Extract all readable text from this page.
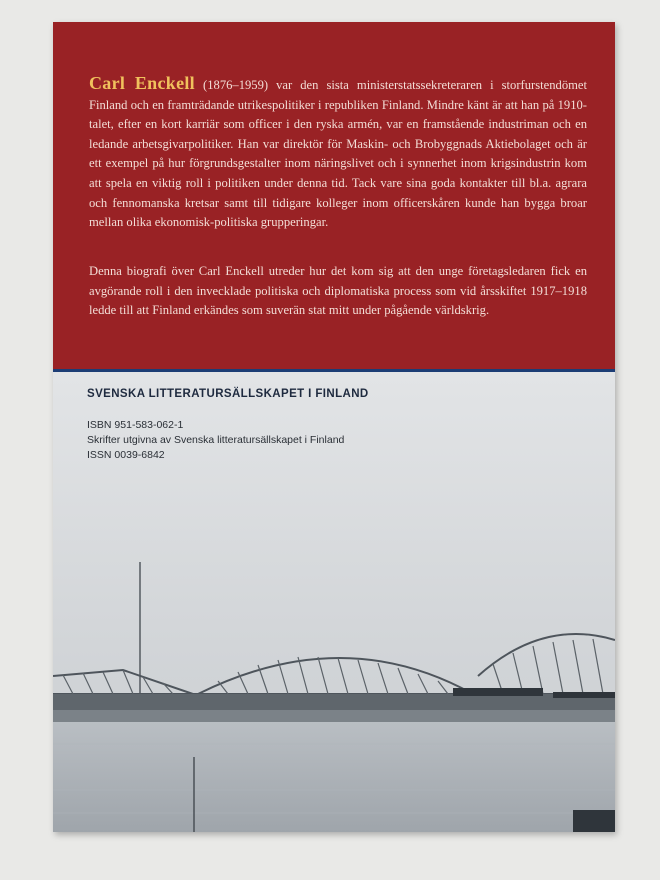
Carl Enckell (1876–1959) var den sista ministerstatssekreteraren i storfurstendömet Finland och en framträdande utrikespolitiker i republiken Finland. Mindre känt är att han på 1910-talet, efter en kort karriär som officer i den ryska armén, var en framstående industriman och en ledande arbetsgivarpolitiker. Han var direktör för Maskin- och Brobyggnads Aktiebolaget och är ett exempel på hur förgrundsgestalter inom näringslivet och i synnerhet inom krigsindustrin kom att spela en viktig roll i politiken under denna tid. Tack vare sina goda kontakter till bl.a. agrara och fennomanska kretsar samt till tidigare kolleger inom officerskåren kunde han bygga broar mellan olika ekonomisk-politiska grupperingar.

Denna biografi över Carl Enckell utreder hur det kom sig att den unge företagsledaren fick en avgörande roll i den invecklade politiska och diplomatiska process som vid årsskiftet 1917–1918 ledde till att Finland erkändes som suverän stat mitt under pågående världskrig.

SVENSKA LITTERATURSÄLLSKAPET I FINLAND
ISBN 951-583-062-1
Skrifter utgivna av Svenska litteratursällskapet i Finland
ISSN 0039-6842
